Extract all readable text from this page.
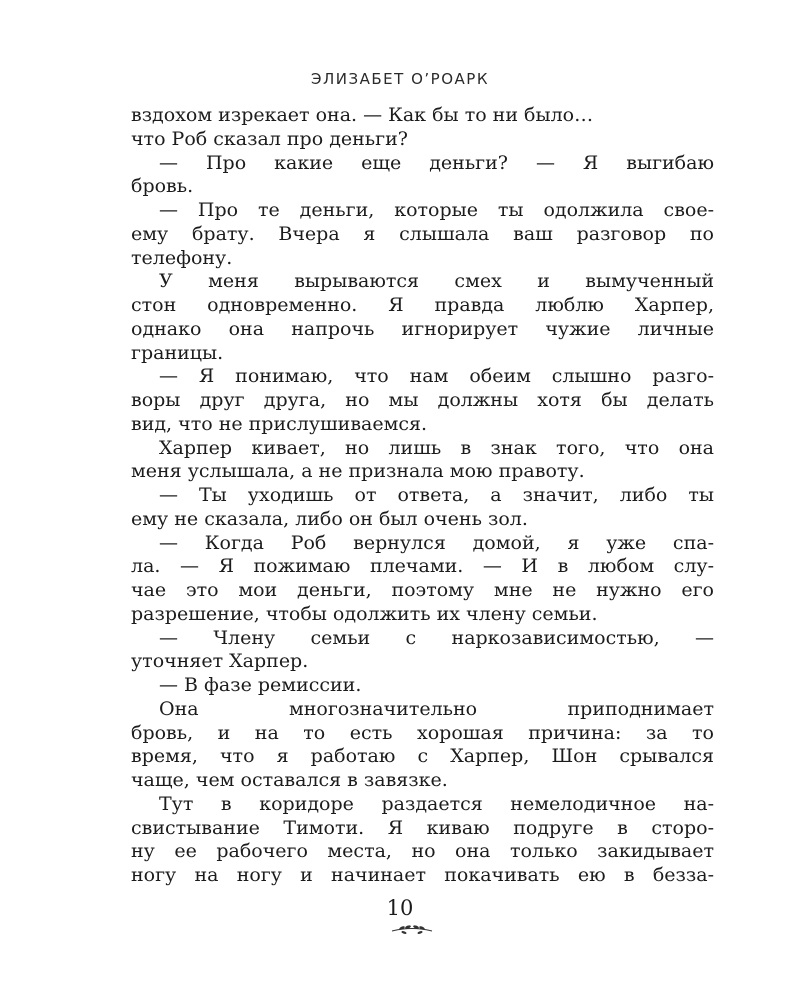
ЭЛИЗАБЕТ О’РОАРК
вздохом изрекает она. — Как бы то ни было…
что Роб сказал про деньги?
— Про какие еще деньги? — Я выгибаю
бровь.
— Про те деньги, которые ты одолжила свое-
ему брату. Вчера я слышала ваш разговор по
телефону.
У меня вырываются смех и вымученный
стон одновременно. Я правда люблю Харпер,
однако она напрочь игнорирует чужие личные
границы.
— Я понимаю, что нам обеим слышно разго-
воры друг друга, но мы должны хотя бы делать
вид, что не прислушиваемся.
Харпер кивает, но лишь в знак того, что она
меня услышала, а не признала мою правоту.
— Ты уходишь от ответа, а значит, либо ты
ему не сказала, либо он был очень зол.
— Когда Роб вернулся домой, я уже спа-
ла. — Я пожимаю плечами. — И в любом слу-
чае это мои деньги, поэтому мне не нужно его
разрешение, чтобы одолжить их члену семьи.
— Члену семьи с наркозависимостью, —
уточняет Харпер.
— В фазе ремиссии.
Она многозначительно приподнимает
бровь, и на то есть хорошая причина: за то
время, что я работаю с Харпер, Шон срывался
чаще, чем оставался в завязке.
Тут в коридоре раздается немелодичное на-
свистывание Тимоти. Я киваю подруге в сторо-
ну ее рабочего места, но она только закидывает
ногу на ногу и начинает покачивать ею в безза-
10
